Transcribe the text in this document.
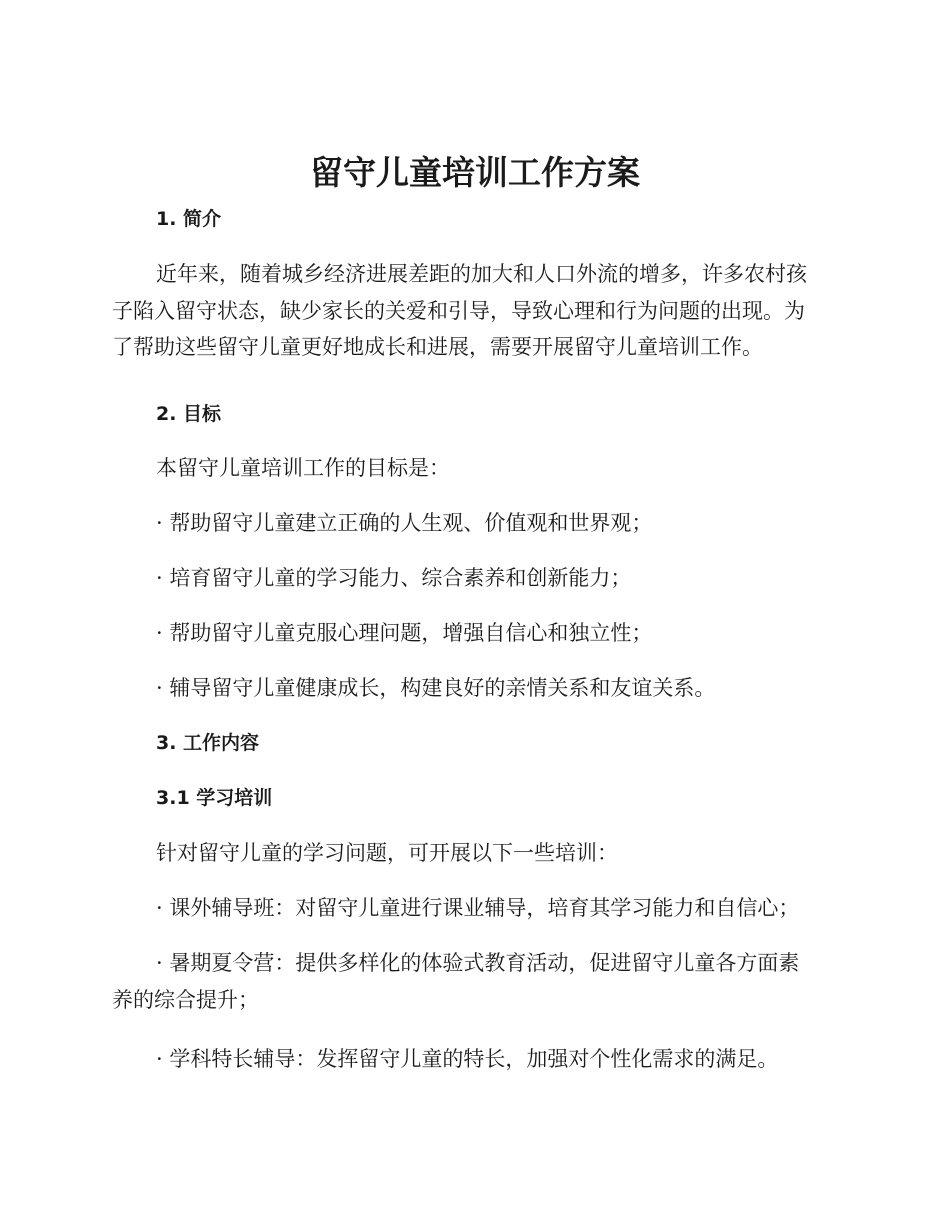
留守儿童培训工作方案
1. 简介

近年来，随着城乡经济进展差距的加大和人口外流的增多，许多农村孩
子陷入留守状态，缺少家长的关爱和引导，导致心理和行为问题的出现。为
了帮助这些留守儿童更好地成长和进展，需要开展留守儿童培训工作。

2. 目标

本留守儿童培训工作的目标是：

· 帮助留守儿童建立正确的人生观、价值观和世界观；

· 培育留守儿童的学习能力、综合素养和创新能力；

· 帮助留守儿童克服心理问题，增强自信心和独立性；

· 辅导留守儿童健康成长，构建良好的亲情关系和友谊关系。

3. 工作内容
3.1 学习培训

针对留守儿童的学习问题，可开展以下一些培训：

· 课外辅导班：对留守儿童进行课业辅导，培育其学习能力和自信心；

· 暑期夏令营：提供多样化的体验式教育活动，促进留守儿童各方面素
养的综合提升；

· 学科特长辅导：发挥留守儿童的特长，加强对个性化需求的满足。
